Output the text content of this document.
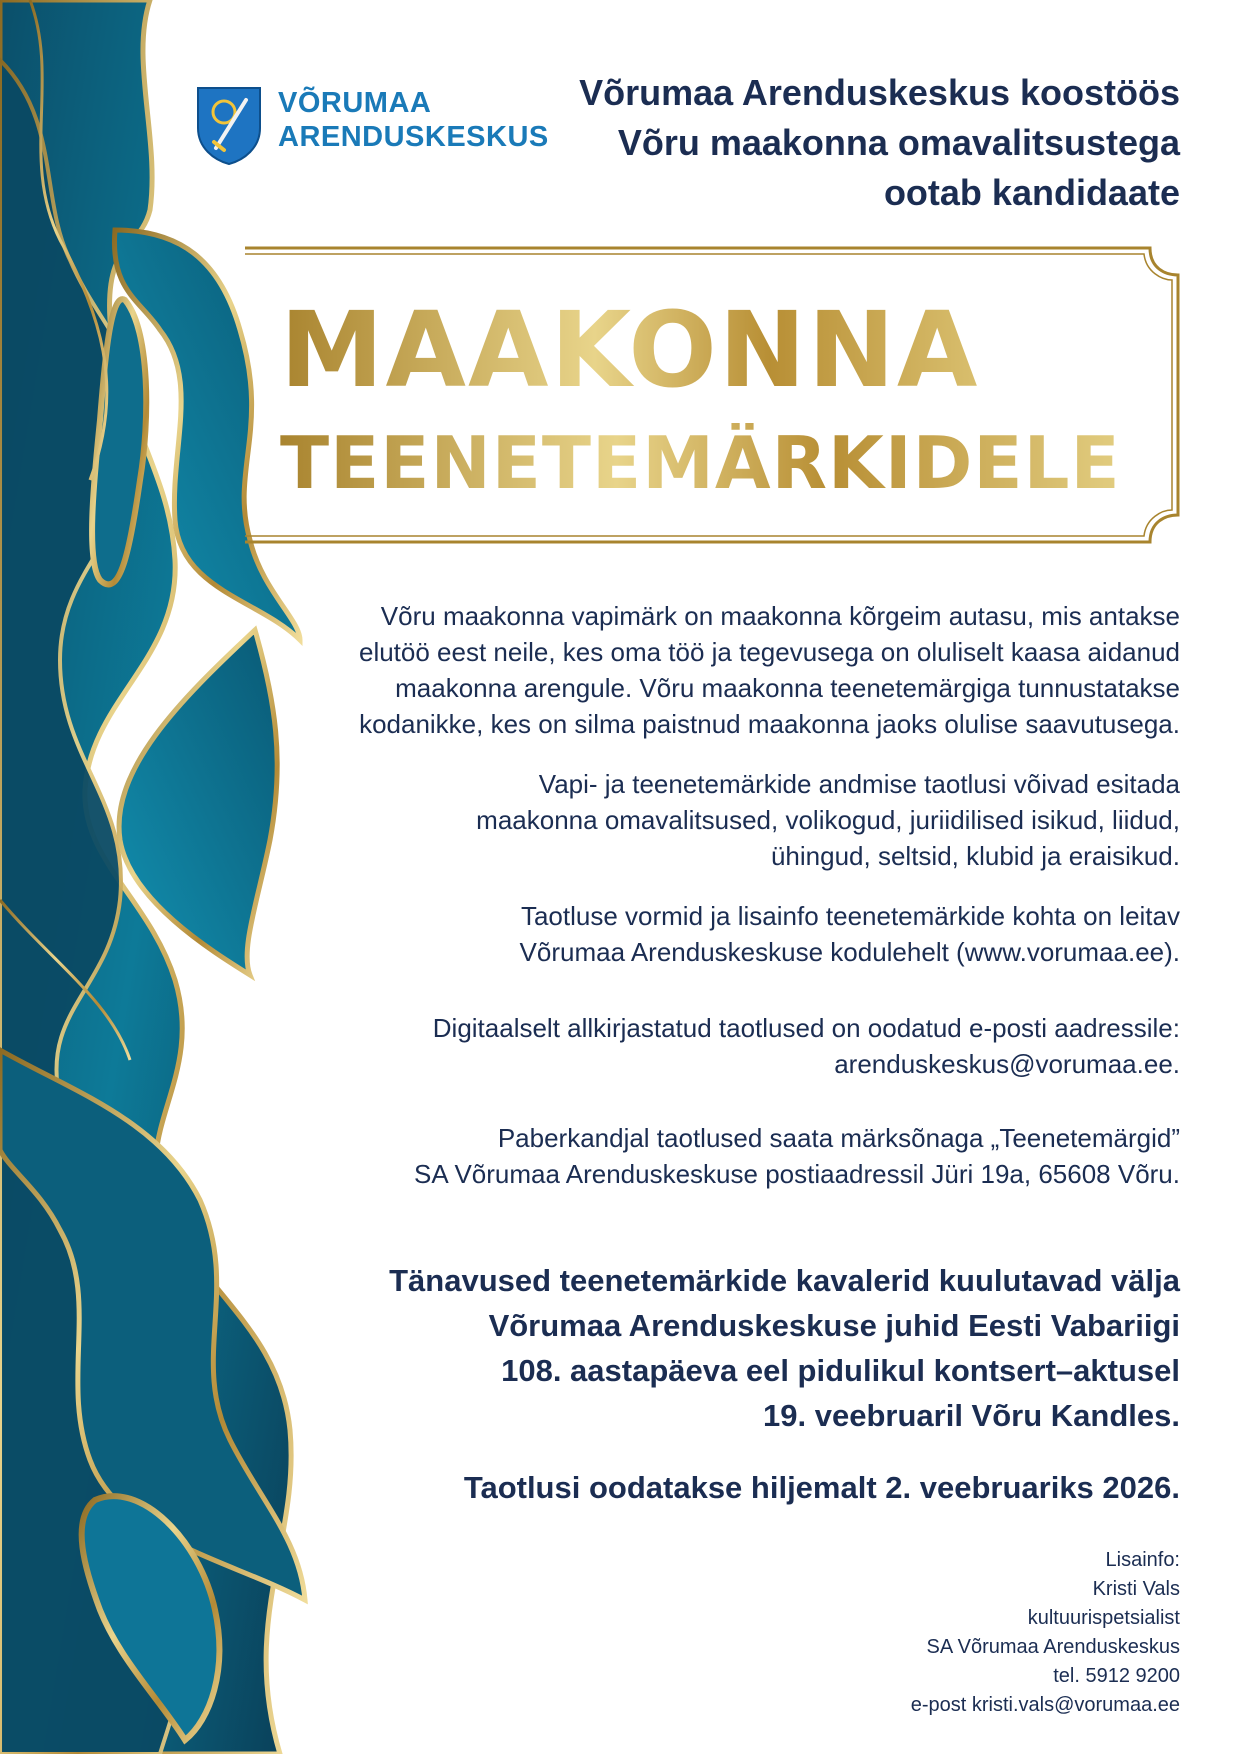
VÕRUMAA
ARENDUSKESKUS
Võrumaa Arenduskeskus koostöös
Võru maakonna omavalitsustega
ootab kandidaate
MAAKONNA
TEENETEMÄRKIDELE

Võru maakonna vapimärk on maakonna kõrgeim autasu, mis antakse

elutöö eest neile, kes oma töö ja tegevusega on oluliselt kaasa aidanud

maakonna arengule. Võru maakonna teenetemärgiga tunnustatakse

kodanikke, kes on silma paistnud maakonna jaoks olulise saavutusega.

Vapi- ja teenetemärkide andmise taotlusi võivad esitada

maakonna omavalitsused, volikogud, juriidilised isikud, liidud,

ühingud, seltsid, klubid ja eraisikud.

Taotluse vormid ja lisainfo teenetemärkide kohta on leitav

Võrumaa Arenduskeskuse kodulehelt (www.vorumaa.ee).

Digitaalselt allkirjastatud taotlused on oodatud e-posti aadressile:

arenduskeskus@vorumaa.ee.

Paberkandjal taotlused saata märksõnaga „Teenetemärgid”

SA Võrumaa Arenduskeskuse postiaadressil Jüri 19a, 65608 Võru.

Tänavused teenetemärkide kavalerid kuulutavad välja
Võrumaa Arenduskeskuse juhid Eesti Vabariigi
108. aastapäeva eel pidulikul kontsert–aktusel
19. veebruaril Võru Kandles.
Taotlusi oodatakse hiljemalt 2. veebruariks 2026.
Lisainfo:
Kristi Vals
kultuurispetsialist
SA Võrumaa Arenduskeskus
tel. 5912 9200
e-post kristi.vals@vorumaa.ee
